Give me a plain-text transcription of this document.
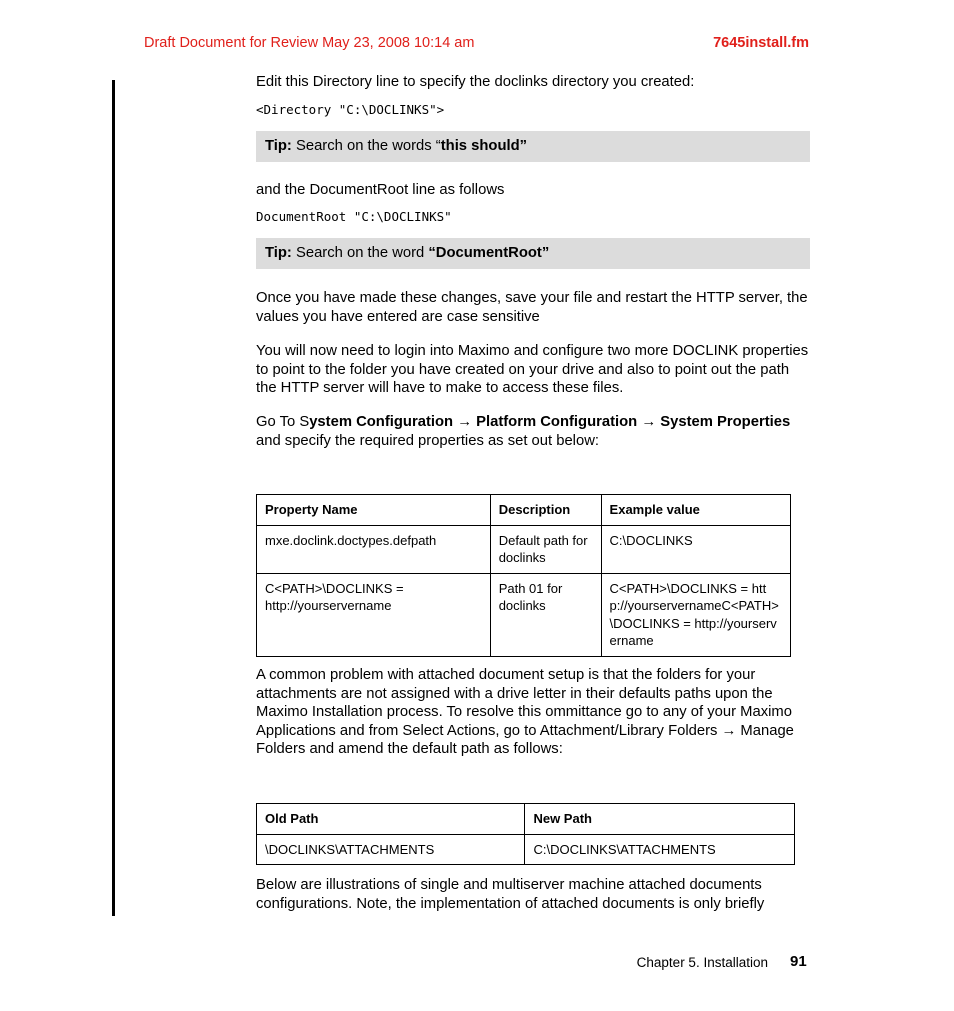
Draft Document for Review May 23, 2008 10:14 am	7645install.fm
Edit this Directory line to specify the doclinks directory you created:
<Directory "C:\DOCLINKS">
Tip: Search on the words “this should”
and the DocumentRoot line as follows
DocumentRoot "C:\DOCLINKS"
Tip: Search on the word “DocumentRoot”
Once you have made these changes, save your file and restart the HTTP server, the values you have entered are case sensitive
You will now need to login into Maximo and configure two more DOCLINK properties to point to the folder you have created on your drive and also to point out the path the HTTP server will have to make to access these files.
Go To System Configuration → Platform Configuration → System Properties and specify the required properties as set out below:
Property Name	Description	Example value
mxe.doclink.doctypes.defpath	Default path for doclinks	C:\DOCLINKS
C<PATH>\DOCLINKS = http://yourservername	Path 01 for doclinks	C<PATH>\DOCLINKS = http://yourservernameC<PATH>\DOCLINKS = http://yourservername
A common problem with attached document setup is that the folders for your attachments are not assigned with a drive letter in their defaults paths upon the Maximo Installation process. To resolve this ommittance go to any of your Maximo Applications and from Select Actions, go to Attachment/Library Folders → Manage Folders and amend the default path as follows:
Old Path	New Path
\DOCLINKS\ATTACHMENTS	C:\DOCLINKS\ATTACHMENTS
Below are illustrations of single and multiserver machine attached documents configurations. Note, the implementation of attached documents is only briefly
Chapter 5. Installation 91
